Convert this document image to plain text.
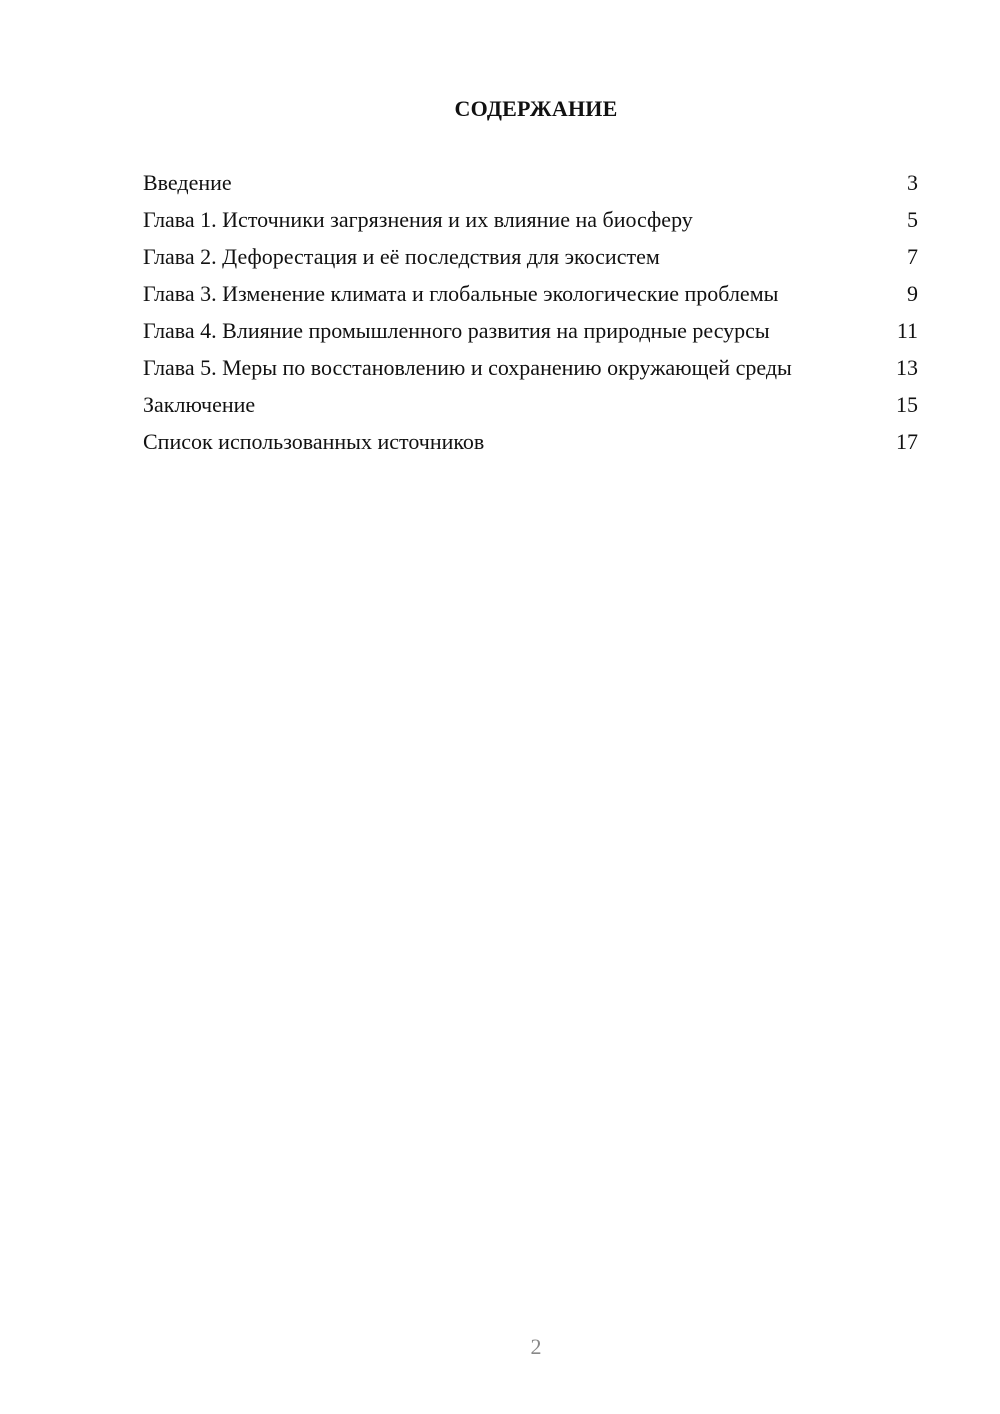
СОДЕРЖАНИЕ
Введение	3
Глава 1. Источники загрязнения и их влияние на биосферу	5
Глава 2. Дефорестация и её последствия для экосистем	7
Глава 3. Изменение климата и глобальные экологические проблемы	9
Глава 4. Влияние промышленного развития на природные ресурсы	11
Глава 5. Меры по восстановлению и сохранению окружающей среды	13
Заключение	15
Список использованных источников	17
2
